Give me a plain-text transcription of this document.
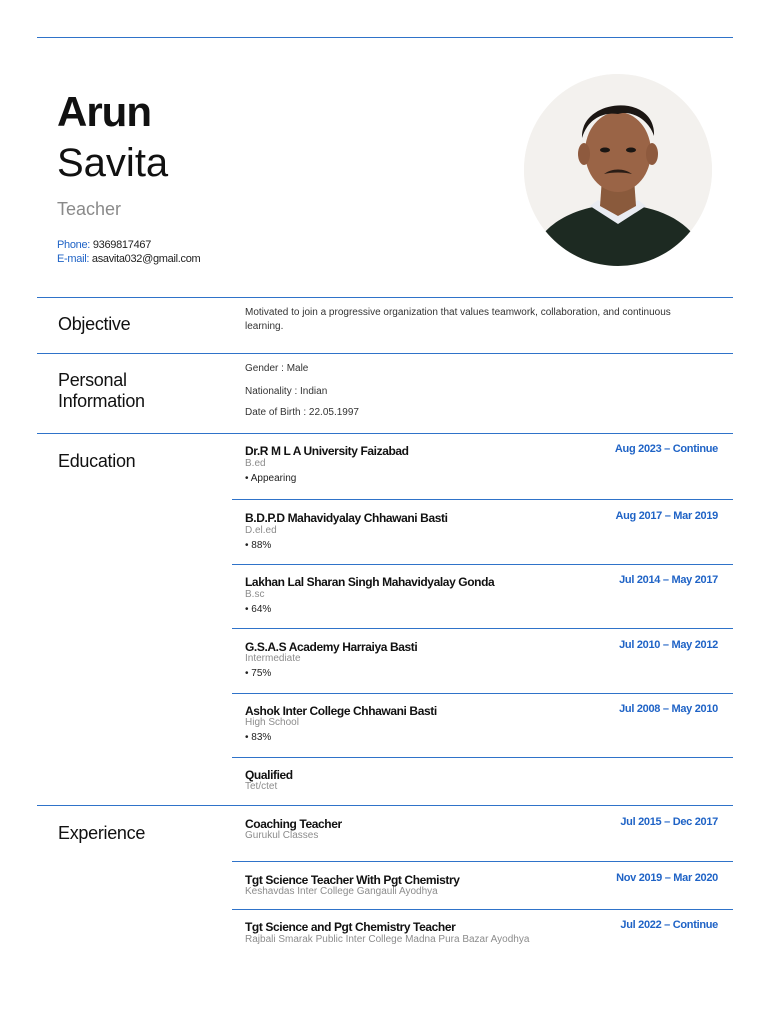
Arun
Savita
Teacher
Phone: 9369817467
E-mail: asavita032@gmail.com
Objective
Motivated to join a progressive organization that values teamwork, collaboration, and continuous learning.
Personal
Information
Gender : Male
Nationality : Indian
Date of Birth : 22.05.1997
Education	Dr.R M L A University Faizabad
B.ed
• Appearing
Aug 2023 – Continue
B.D.P.D Mahavidyalay Chhawani Basti
D.el.ed
• 88%
Aug 2017 – Mar 2019
Lakhan Lal Sharan Singh Mahavidyalay Gonda
B.sc
• 64%
Jul 2014 – May 2017
G.S.A.S Academy Harraiya Basti
Intermediate
• 75%
Jul 2010 – May 2012
Ashok Inter College Chhawani Basti
High School
• 83%
Jul 2008 – May 2010
Qualified
Tet/ctet
Experience	Coaching Teacher
Gurukul Classes
Jul 2015 – Dec 2017
Tgt Science Teacher With Pgt Chemistry
Keshavdas Inter College Gangauli Ayodhya
Nov 2019 – Mar 2020
Tgt Science and Pgt Chemistry Teacher
Rajbali Smarak Public Inter College Madna Pura Bazar Ayodhya
Jul 2022 – Continue
